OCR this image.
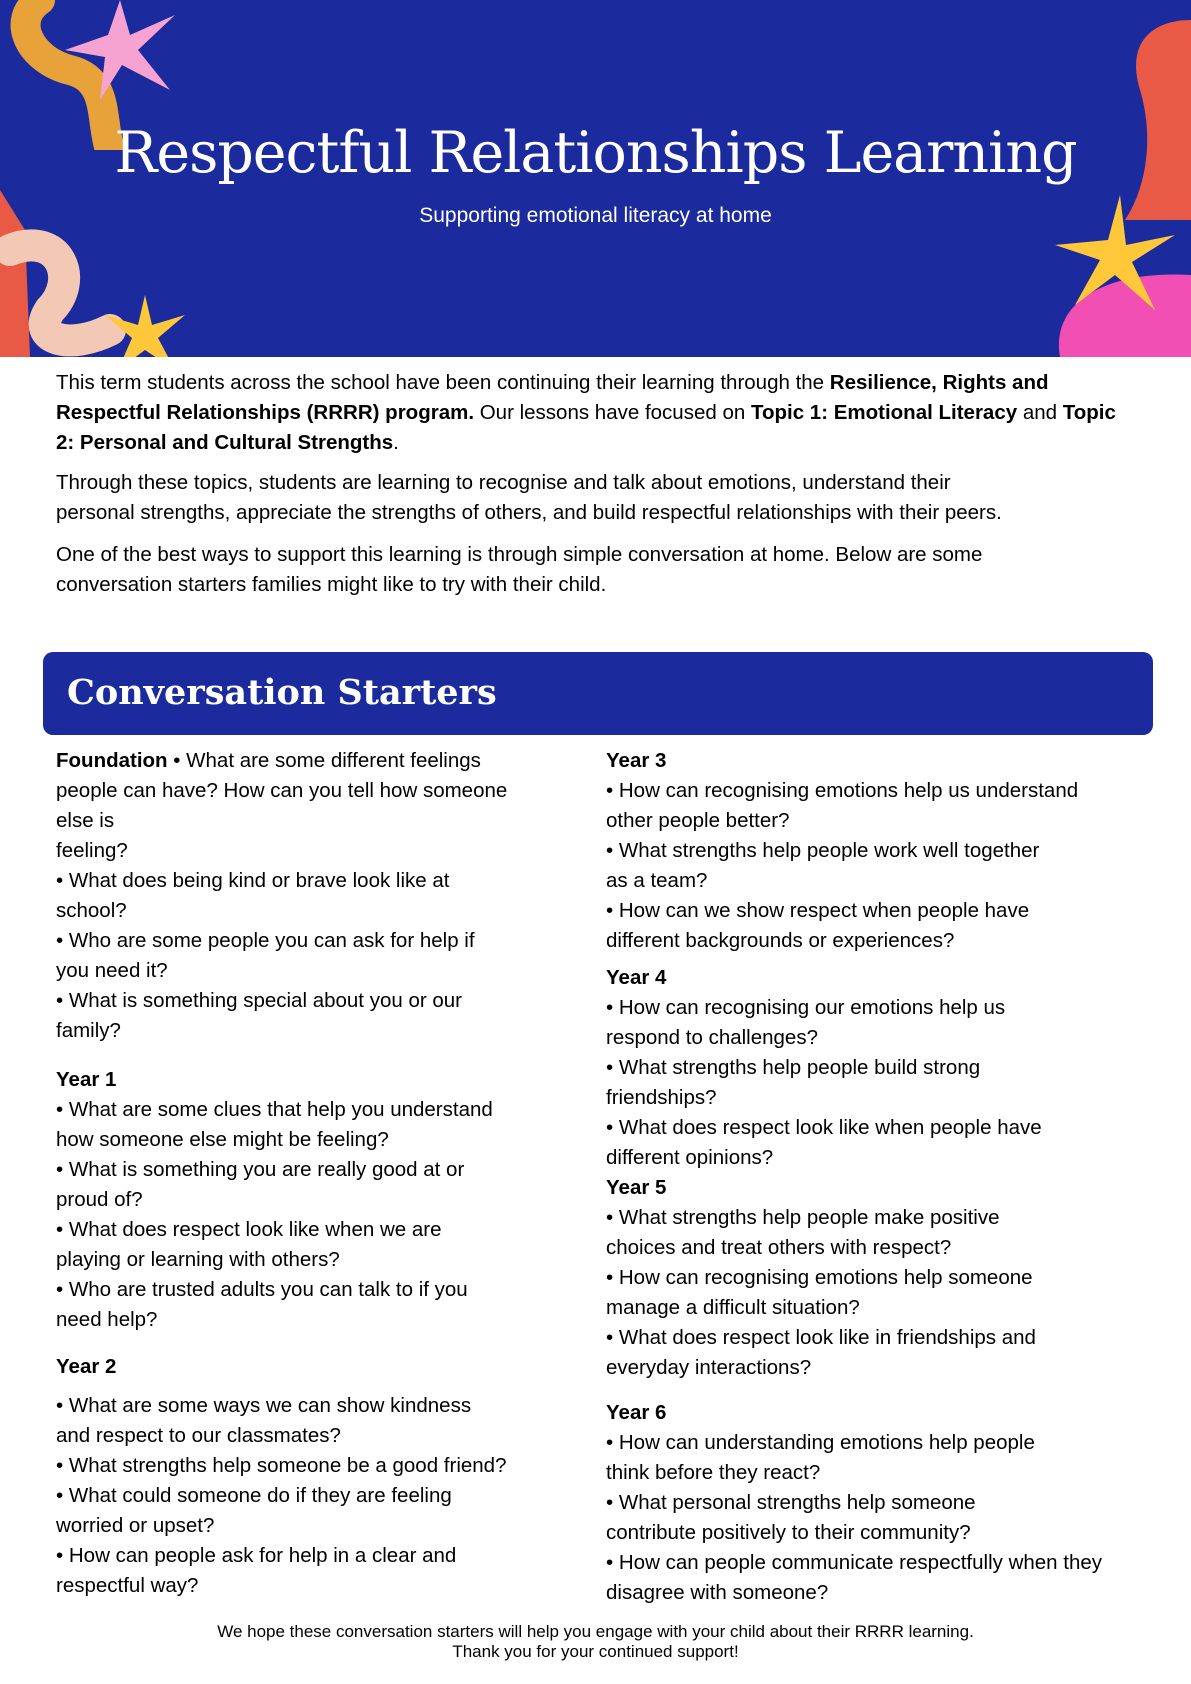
Respectful Relationships Learning
Supporting emotional literacy at home

This term students across the school have been continuing their learning through the Resilience, Rights and Respectful Relationships (RRRR) program. Our lessons have focused on Topic 1: Emotional Literacy and Topic 2: Personal and Cultural Strengths.

Through these topics, students are learning to recognise and talk about emotions, understand their personal strengths, appreciate the strengths of others, and build respectful relationships with their peers.

One of the best ways to support this learning is through simple conversation at home. Below are some conversation starters families might like to try with their child.

Conversation Starters
Foundation • What are some different feelings
people can have? How can you tell how someone
else is
feeling?
• What does being kind or brave look like at
school?
• Who are some people you can ask for help if
you need it?
• What is something special about you or our
family?
Year 1
• What are some clues that help you understand
how someone else might be feeling?
• What is something you are really good at or
proud of?
• What does respect look like when we are
playing or learning with others?
• Who are trusted adults you can talk to if you
need help?
Year 2
• What are some ways we can show kindness
and respect to our classmates?
• What strengths help someone be a good friend?
• What could someone do if they are feeling
worried or upset?
• How can people ask for help in a clear and
respectful way?
Year 3
• How can recognising emotions help us understand
other people better?
• What strengths help people work well together
as a team?
• How can we show respect when people have
different backgrounds or experiences?
Year 4
• How can recognising our emotions help us
respond to challenges?
• What strengths help people build strong
friendships?
• What does respect look like when people have
different opinions?
Year 5
• What strengths help people make positive
choices and treat others with respect?
• How can recognising emotions help someone
manage a difficult situation?
• What does respect look like in friendships and
everyday interactions?
Year 6
• How can understanding emotions help people
think before they react?
• What personal strengths help someone
contribute positively to their community?
• How can people communicate respectfully when they
disagree with someone?
We hope these conversation starters will help you engage with your child about their RRRR learning.
Thank you for your continued support!
